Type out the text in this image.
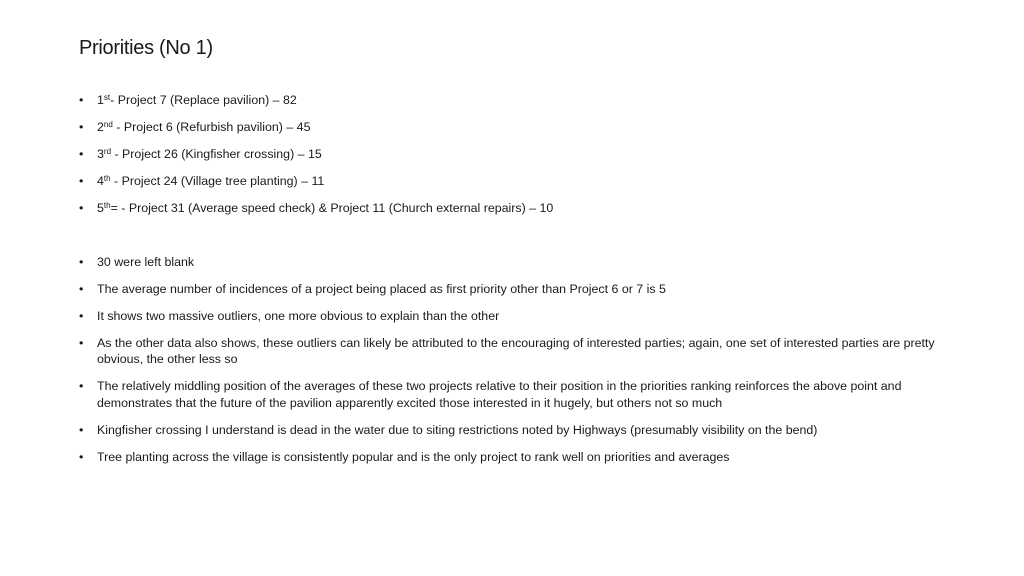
Priorities (No 1)
• 1st- Project 7 (Replace pavilion) – 82
• 2nd - Project 6 (Refurbish pavilion) – 45
• 3rd - Project 26 (Kingfisher crossing) – 15
• 4th - Project 24 (Village tree planting) – 11
• 5th= - Project 31 (Average speed check) & Project 11 (Church external repairs) – 10
• 30 were left blank
• The average number of incidences of a project being placed as first priority other than Project 6 or 7 is 5
• It shows two massive outliers, one more obvious to explain than the other
• As the other data also shows, these outliers can likely be attributed to the encouraging of interested parties; again, one set of interested parties are pretty obvious, the other less so
• The relatively middling position of the averages of these two projects relative to their position in the priorities ranking reinforces the above point and demonstrates that the future of the pavilion apparently excited those interested in it hugely, but others not so much
• Kingfisher crossing I understand is dead in the water due to siting restrictions noted by Highways (presumably visibility on the bend)
• Tree planting across the village is consistently popular and is the only project to rank well on priorities and averages
